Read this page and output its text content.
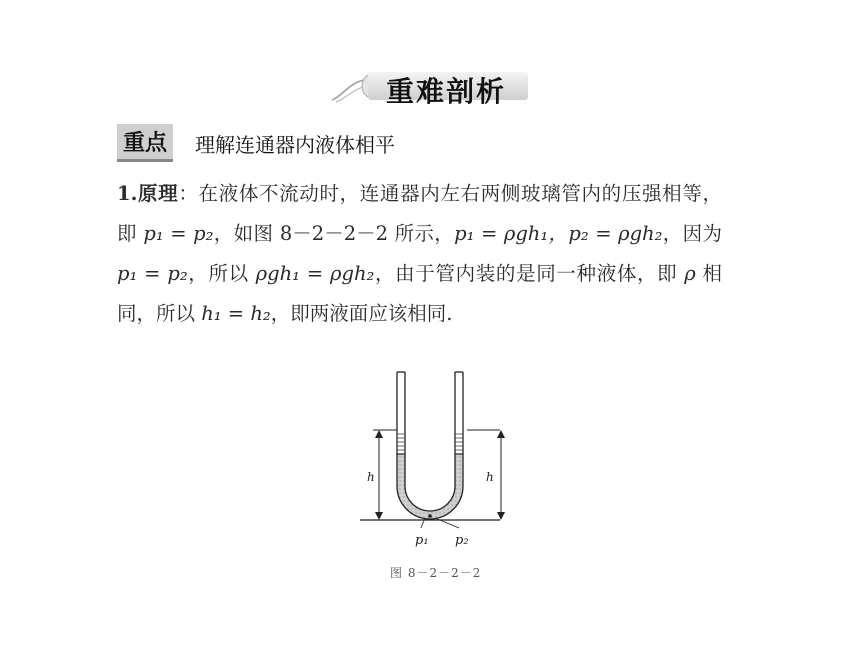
重难剖析
重点	理解连通器内液体相平
1.原理：在液体不流动时，连通器内左右两侧玻璃管内的压强相等，即 p₁ = p₂，如图 8－2－2－2 所示，p₁ = ρgh₁，p₂ = ρgh₂，因为 p₁ = p₂，所以 ρgh₁ = ρgh₂，由于管内装的是同一种液体，即 ρ 相同，所以 h₁ = h₂，即两液面应该相同.
h	h
p₁ p₂
图 8－2－2－2
